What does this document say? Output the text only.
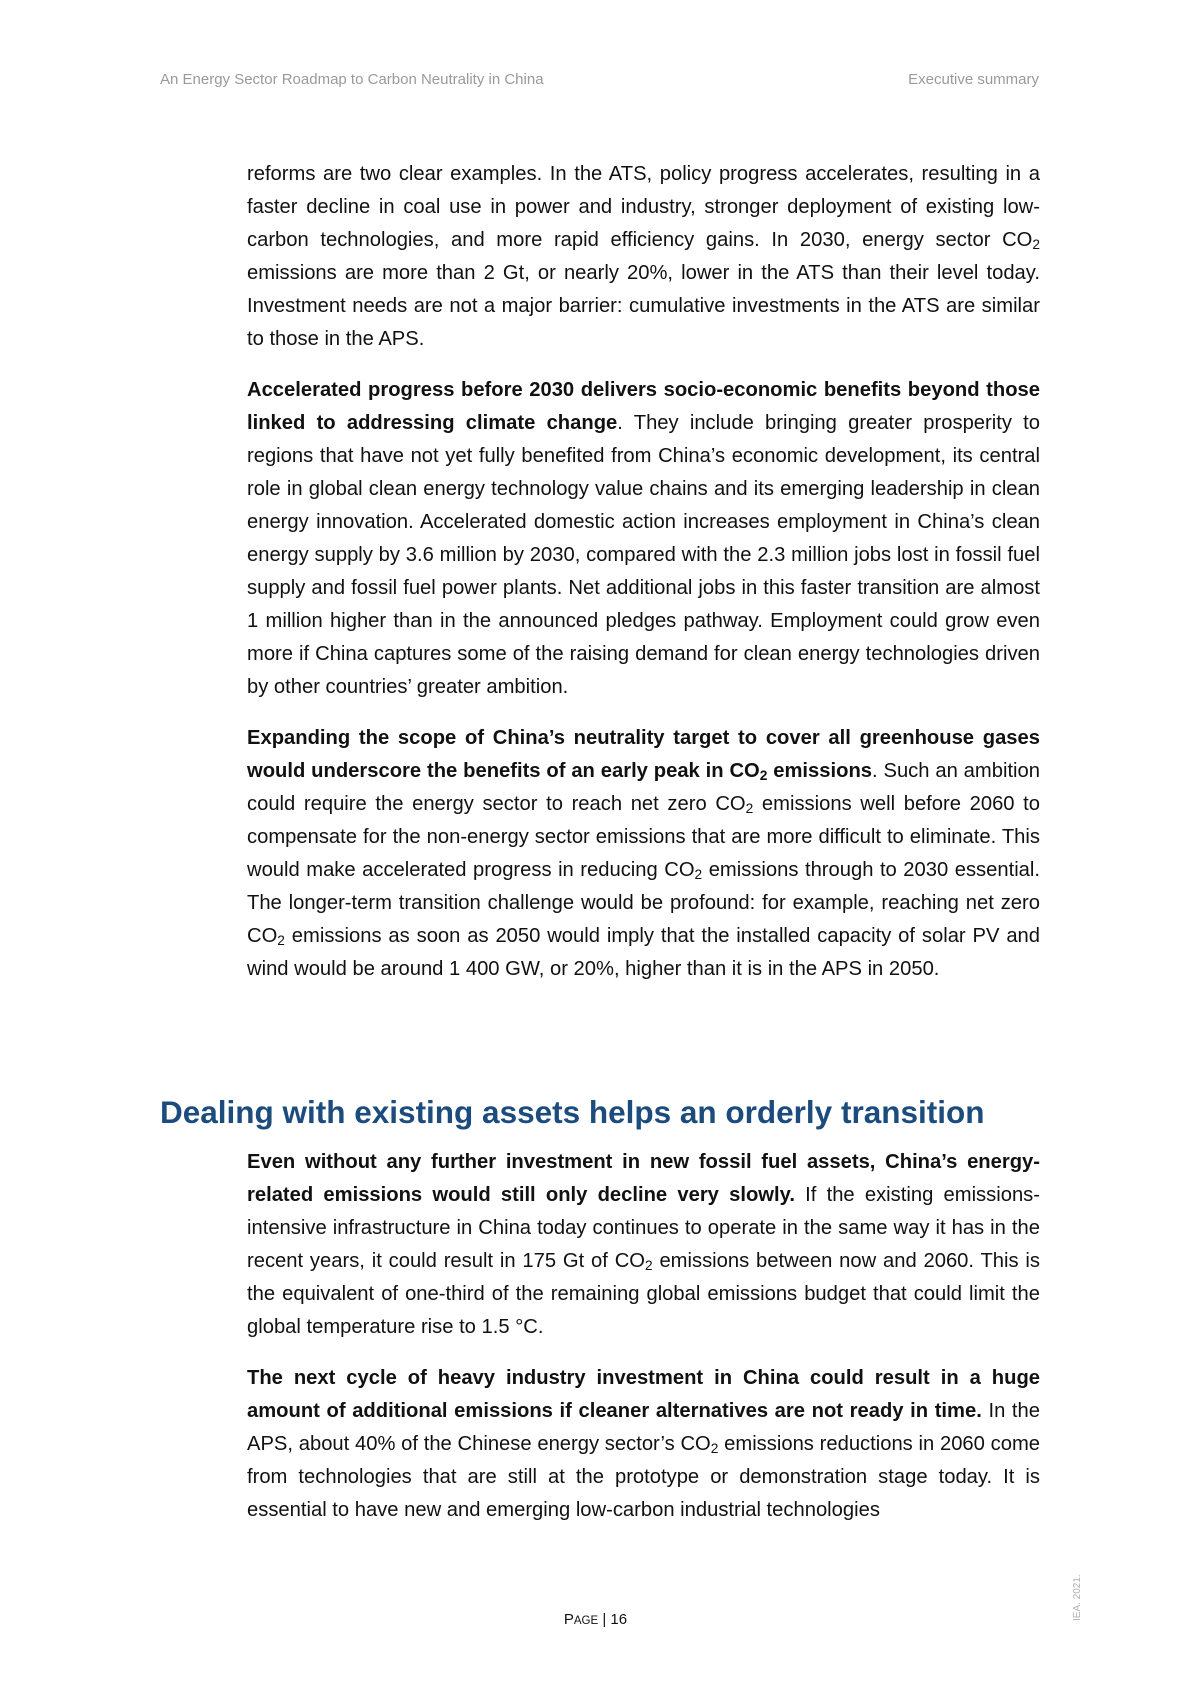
An Energy Sector Roadmap to Carbon Neutrality in China	Executive summary

reforms are two clear examples. In the ATS, policy progress accelerates, resulting in a faster decline in coal use in power and industry, stronger deployment of existing low-carbon technologies, and more rapid efficiency gains. In 2030, energy sector $CO_2$ emissions are more than 2 Gt, or nearly 20%, lower in the ATS than their level today. Investment needs are not a major barrier: cumulative investments in the ATS are similar to those in the APS.

Accelerated progress before 2030 delivers socio-economic benefits beyond those linked to addressing climate change. They include bringing greater prosperity to regions that have not yet fully benefited from China’s economic development, its central role in global clean energy technology value chains and its emerging leadership in clean energy innovation. Accelerated domestic action increases employment in China’s clean energy supply by 3.6 million by 2030, compared with the 2.3 million jobs lost in fossil fuel supply and fossil fuel power plants. Net additional jobs in this faster transition are almost 1 million higher than in the announced pledges pathway. Employment could grow even more if China captures some of the raising demand for clean energy technologies driven by other countries’ greater ambition.

Expanding the scope of China’s neutrality target to cover all greenhouse gases would underscore the benefits of an early peak in $CO_2$ emissions. Such an ambition could require the energy sector to reach net zero $CO_2$ emissions well before 2060 to compensate for the non-energy sector emissions that are more difficult to eliminate. This would make accelerated progress in reducing $CO_2$ emissions through to 2030 essential. The longer-term transition challenge would be profound: for example, reaching net zero $CO_2$ emissions as soon as 2050 would imply that the installed capacity of solar PV and wind would be around 1 400 GW, or 20%, higher than it is in the APS in 2050.

Dealing with existing assets helps an orderly transition

Even without any further investment in new fossil fuel assets, China’s energy-related emissions would still only decline very slowly. If the existing emissions-intensive infrastructure in China today continues to operate in the same way it has in the recent years, it could result in 175 Gt of $CO_2$ emissions between now and 2060. This is the equivalent of one-third of the remaining global emissions budget that could limit the global temperature rise to 1.5 °C.

The next cycle of heavy industry investment in China could result in a huge amount of additional emissions if cleaner alternatives are not ready in time. In the APS, about 40% of the Chinese energy sector’s $CO_2$ emissions reductions in 2060 come from technologies that are still at the prototype or demonstration stage today. It is essential to have new and emerging low-carbon industrial technologies

PAGE | 16	IEA. 2021.
